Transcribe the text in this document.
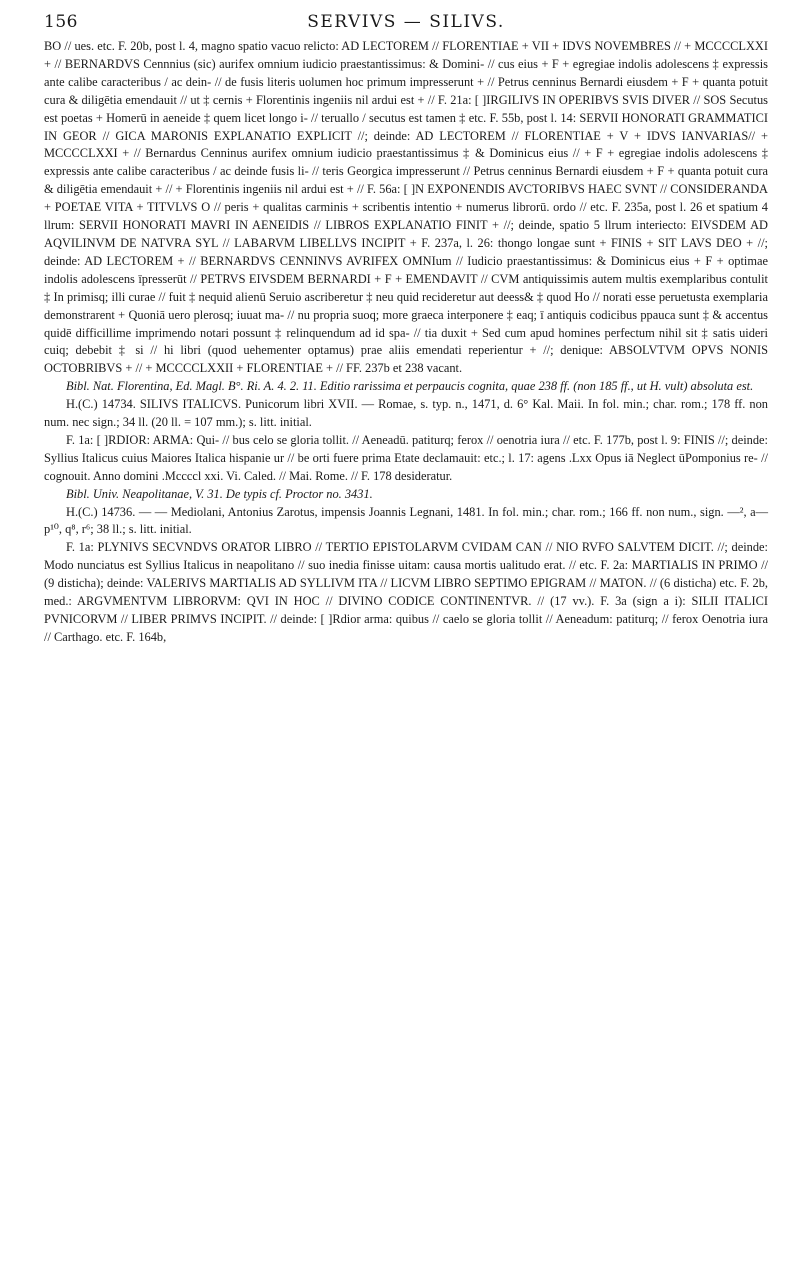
156	SERVIVS — SILIVS.

BO // ues. etc. F. 20b, post l. 4, magno spatio vacuo relicto: AD LECTOREM // FLORENTIAE + VII + IDVS NOVEMBRES // + MCCCCLXXI + // BERNARDVS Cennnius (sic) aurifex omnium iudicio praestantissimus: & Domini- // cus eius + F + egregiae indolis adolescens ‡ expressis ante calibe caracteribus / ac dein- // de fusis literis uolumen hoc primum impresserunt + // Petrus cenninus Bernardi eiusdem + F + quanta potuit cura & diligētia emendauit // ut ‡ cernis + Florentinis ingeniis nil ardui est + // F. 21a: [ ]IRGILIVS IN OPERIBVS SVIS DIVER // SOS Secutus est poetas + Homerū in aeneide ‡ quem licet longo i- // teruallo / secutus est tamen ‡ etc. F. 55b, post l. 14: SERVII HONORATI GRAMMATICI IN GEOR // GICA MARONIS EXPLANATIO EXPLICIT //; deinde: AD LECTOREM // FLORENTIAE + V + IDVS IANVARIAS// + MCCCCLXXI + // Bernardus Cenninus aurifex omnium iudicio praestantissimus ‡ & Dominicus eius // + F + egregiae indolis adolescens ‡ expressis ante calibe caracteribus / ac deinde fusis li- // teris Georgica impresserunt // Petrus cenninus Bernardi eiusdem + F + quanta potuit cura & diligētia emendauit + // + Florentinis ingeniis nil ardui est + // F. 56a: [ ]N EXPONENDIS AVCTORIBVS HAEC SVNT // CONSIDERANDA + POETAE VITA + TITVLVS O // peris + qualitas carminis + scribentis intentio + numerus librorū. ordo // etc. F. 235a, post l. 26 et spatium 4 llrum: SERVII HONORATI MAVRI IN AENEIDIS // LIBROS EXPLANATIO FINIT + //; deinde, spatio 5 llrum interiecto: EIVSDEM AD AQVILINVM DE NATVRA SYL // LABARVM LIBELLVS INCIPIT + F. 237a, l. 26: thongo longae sunt + FINIS + SIT LAVS DEO + //; deinde: AD LECTOREM + // BERNARDVS CENNINVS AVRIFEX OMNIum // Iudicio praestantissimus: & Dominicus eius + F + optimae indolis adolescens īpresserūt // PETRVS EIVSDEM BERNARDI + F + EMENDAVIT // CVM antiquissimis autem multis exemplaribus contulit ‡ In primisq; illi curae // fuit ‡ nequid alienū Seruio ascriberetur ‡ neu quid recideretur aut deess& ‡ quod Ho // norati esse peruetusta exemplaria demonstrarent + Quoniā uero plerosq; iuuat ma- // nu propria suoq; more graeca interponere ‡ eaq; ī antiquis codicibus ppauca sunt ‡ & accentus quidē difficillime imprimendo notari possunt ‡ relinquendum ad id spa- // tia duxit + Sed cum apud homines perfectum nihil sit ‡ satis uideri cuiq; debebit ‡ si // hi libri (quod uehementer optamus) prae aliis emendati reperientur + //; denique: ABSOLVTVM OPVS NONIS OCTOBRIBVS + // + MCCCCLXXII + FLORENTIAE + // FF. 237b et 238 vacant.

Bibl. Nat. Florentina, Ed. Magl. B°. Ri. A. 4. 2. 11. Editio rarissima et perpaucis cognita, quae 238 ff. (non 185 ff., ut H. vult) absoluta est.

H.(C.) 14734. SILIVS ITALICVS. Punicorum libri XVII. — Romae, s. typ. n., 1471, d. 6° Kal. Maii. In fol. min.; char. rom.; 178 ff. non num. nec sign.; 34 ll. (20 ll. = 107 mm.); s. litt. initial.

F. 1a: [ ]RDIOR: ARMA: Qui- // bus celo se gloria tollit. // Aeneadū. patiturq; ferox // oenotria iura // etc. F. 177b, post l. 9: FINIS //; deinde: Syllius Italicus cuius Maiores Italica hispanie ur // be orti fuere prima Etate declamauit: etc.; l. 17: agens .Lxx Opus iā Neglect ūPomponius re- // cognouit. Anno domini .Mccccl xxi. Vi. Caled. // Mai. Rome. // F. 178 desideratur.

Bibl. Univ. Neapolitanae, V. 31. De typis cf. Proctor no. 3431.

H.(C.) 14736. — — Mediolani, Antonius Zarotus, impensis Joannis Legnani, 1481. In fol. min.; char. rom.; 166 ff. non num., sign. —², a—p¹⁰, q⁸, r⁶; 38 ll.; s. litt. initial.

F. 1a: PLYNIVS SECVNDVS ORATOR LIBRO // TERTIO EPISTOLARVM CVIDAM CAN // NIO RVFO SALVTEM DICIT. //; deinde: Modo nunciatus est Syllius Italicus in neapolitano // suo inedia finisse uitam: causa mortis ualitudo erat. // etc. F. 2a: MARTIALIS IN PRIMO // (9 disticha); deinde: VALERIVS MARTIALIS AD SYLLIVM ITA // LICVM LIBRO SEPTIMO EPIGRAM // MATON. // (6 disticha) etc. F. 2b, med.: ARGVMENTVM LIBRORVM: QVI IN HOC // DIVINO CODICE CONTINENTVR. // (17 vv.). F. 3a (sign a i): SILII ITALICI PVNICORVM // LIBER PRIMVS INCIPIT. // deinde: [ ]Rdior arma: quibus // caelo se gloria tollit // Aeneadum: patiturq; // ferox Oenotria iura // Carthago. etc. F. 164b,
